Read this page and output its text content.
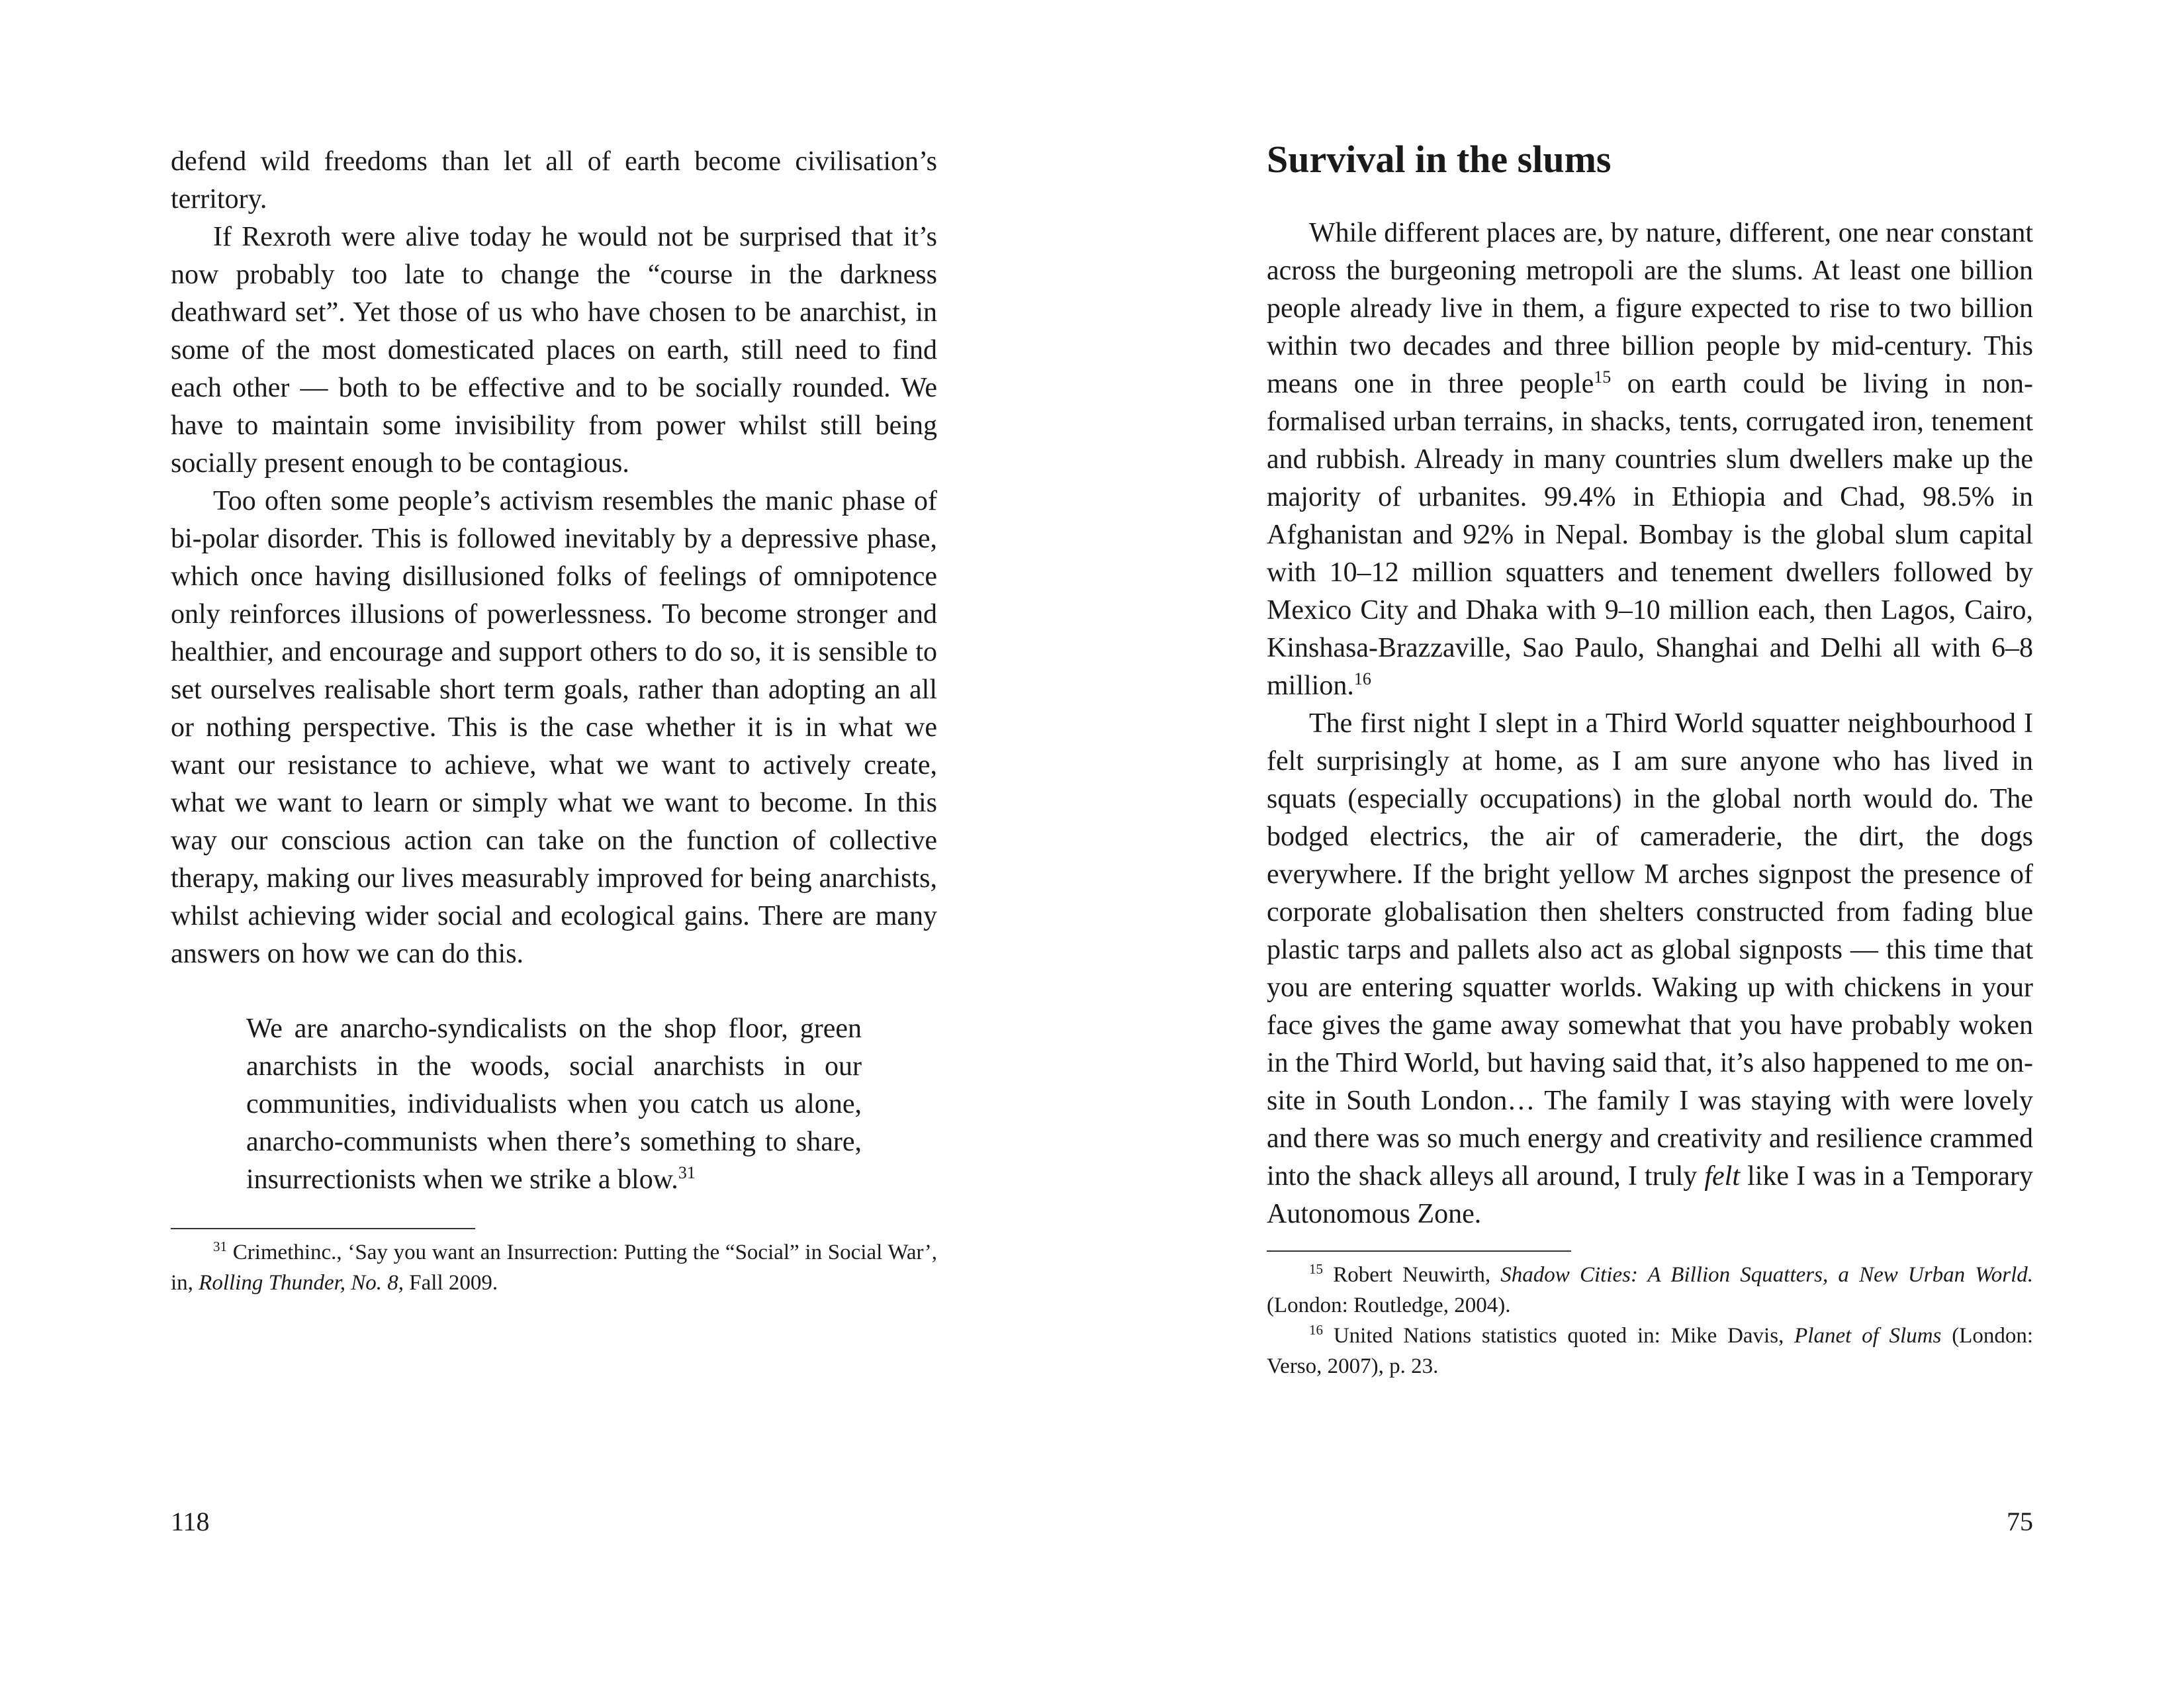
defend wild freedoms than let all of earth become civilisation’s territory.

If Rexroth were alive today he would not be surprised that it’s now probably too late to change the “course in the darkness deathward set”. Yet those of us who have chosen to be anarchist, in some of the most domesticated places on earth, still need to find each other — both to be effective and to be socially rounded. We have to maintain some invisibility from power whilst still being socially present enough to be contagious.

Too often some people’s activism resembles the manic phase of bi-polar disorder. This is followed inevitably by a depressive phase, which once having disillusioned folks of feelings of omnipotence only reinforces illusions of powerlessness. To become stronger and healthier, and encourage and support others to do so, it is sensible to set ourselves realisable short term goals, rather than adopting an all or nothing perspective. This is the case whether it is in what we want our resistance to achieve, what we want to actively create, what we want to learn or simply what we want to become. In this way our conscious action can take on the function of collective therapy, making our lives measurably improved for being anarchists, whilst achieving wider social and ecological gains. There are many answers on how we can do this.

We are anarcho-syndicalists on the shop floor, green anarchists in the woods, social anarchists in our communities, individualists when you catch us alone, anarcho-communists when there’s something to share, insurrectionists when we strike a blow.$^{31}$

$^{31}$ Crimethinc., ‘Say you want an Insurrection: Putting the “Social” in Social War’, in, Rolling Thunder, No. 8, Fall 2009.

118
Survival in the slums

While different places are, by nature, different, one near constant across the burgeoning metropoli are the slums. At least one billion people already live in them, a figure expected to rise to two billion within two decades and three billion people by mid-century. This means one in three people$^{15}$ on earth could be living in non-formalised urban terrains, in shacks, tents, corrugated iron, tenement and rubbish. Already in many countries slum dwellers make up the majority of urbanites. 99.4% in Ethiopia and Chad, 98.5% in Afghanistan and 92% in Nepal. Bombay is the global slum capital with 10–12 million squatters and tenement dwellers followed by Mexico City and Dhaka with 9–10 million each, then Lagos, Cairo, Kinshasa-Brazzaville, Sao Paulo, Shanghai and Delhi all with 6–8 million.$^{16}$

The first night I slept in a Third World squatter neighbourhood I felt surprisingly at home, as I am sure anyone who has lived in squats (especially occupations) in the global north would do. The bodged electrics, the air of cameraderie, the dirt, the dogs everywhere. If the bright yellow M arches signpost the presence of corporate globalisation then shelters constructed from fading blue plastic tarps and pallets also act as global signposts — this time that you are entering squatter worlds. Waking up with chickens in your face gives the game away somewhat that you have probably woken in the Third World, but having said that, it’s also happened to me on-site in South London… The family I was staying with were lovely and there was so much energy and creativity and resilience crammed into the shack alleys all around, I truly felt like I was in a Temporary Autonomous Zone.

$^{15}$ Robert Neuwirth, Shadow Cities: A Billion Squatters, a New Urban World. (London: Routledge, 2004).

$^{16}$ United Nations statistics quoted in: Mike Davis, Planet of Slums (London: Verso, 2007), p. 23.

75
